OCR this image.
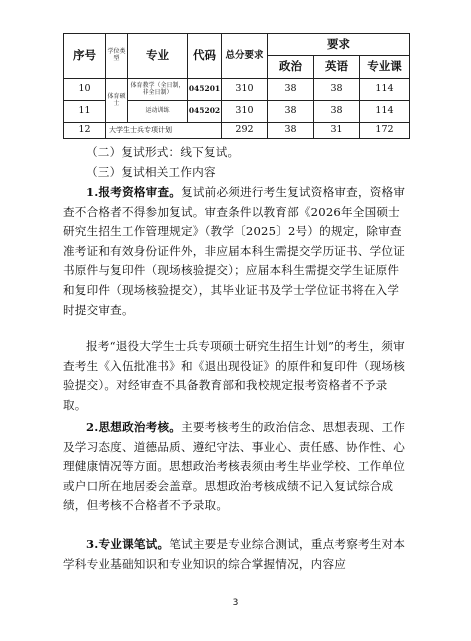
序号	学位类型	专业	代码	总分要求	要求		
					政治	英语	专业课
10	体育硕士	体育教学（全日制，非全日制）	045201	310	38	38	114
11		运动训练	045202	310	38	38	114
12	大学生士兵专项计划			292	38	31	172

（二）复试形式：线下复试。

（三）复试相关工作内容

1.报考资格审查。复试前必须进行考生复试资格审查，资格审查不合格者不得参加复试。审查条件以教育部《2026年全国硕士研究生招生工作管理规定》（教学〔2025〕2号）的规定，除审查准考证和有效身份证件外，非应届本科生需提交学历证书、学位证书原件与复印件（现场核验提交）；应届本科生需提交学生证原件和复印件（现场核验提交），其毕业证书及学士学位证书将在入学时提交审查。

报考“退役大学生士兵专项硕士研究生招生计划”的考生，须审查考生《入伍批准书》和《退出现役证》的原件和复印件（现场核验提交）。对经审查不具备教育部和我校规定报考资格者不予录取。

2.思想政治考核。主要考核考生的政治信念、思想表现、工作及学习态度、道德品质、遵纪守法、事业心、责任感、协作性、心理健康情况等方面。思想政治考核表须由考生毕业学校、工作单位或户口所在地居委会盖章。思想政治考核成绩不记入复试综合成绩，但考核不合格者不予录取。

3.专业课笔试。笔试主要是专业综合测试，重点考察考生对本学科专业基础知识和专业知识的综合掌握情况，内容应

3
